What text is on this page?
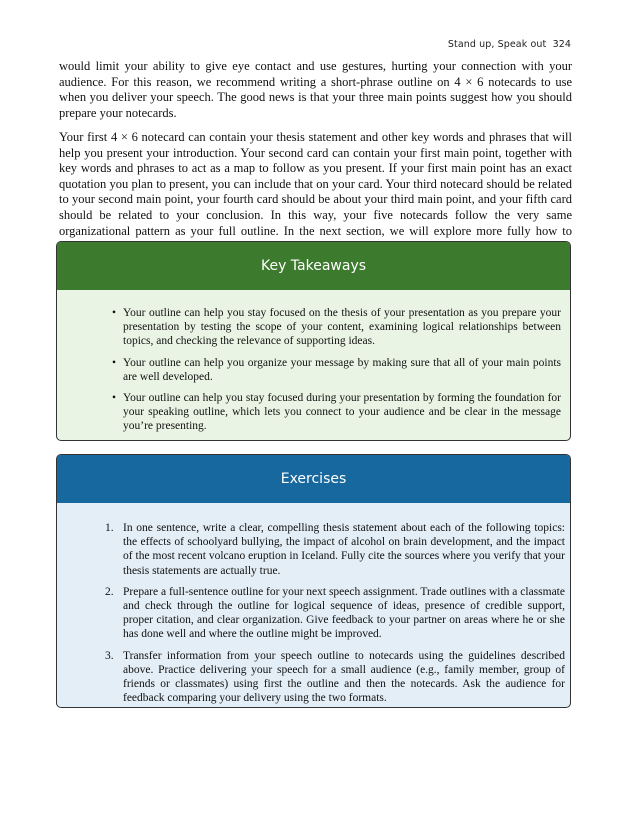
Stand up, Speak out 324

would limit your ability to give eye contact and use gestures, hurting your connection with your audience. For this reason, we recommend writing a short-phrase outline on 4 × 6 notecards to use when you deliver your speech. The good news is that your three main points suggest how you should prepare your notecards.

Your first 4 × 6 notecard can contain your thesis statement and other key words and phrases that will help you present your introduction. Your second card can contain your first main point, together with key words and phrases to act as a map to follow as you present. If your first main point has an exact quotation you plan to present, you can include that on your card. Your third notecard should be related to your second main point, your fourth card should be about your third main point, and your fifth card should be related to your conclusion. In this way, your five notecards follow the very same organizational pattern as your full outline. In the next section, we will explore more fully how to

Key Takeaways
• Your outline can help you stay focused on the thesis of your presentation as you prepare your presentation by testing the scope of your content, examining logical relationships between topics, and checking the relevance of supporting ideas.
• Your outline can help you organize your message by making sure that all of your main points are well developed.
• Your outline can help you stay focused during your presentation by forming the foundation for your speaking outline, which lets you connect to your audience and be clear in the message you’re presenting.
Exercises
1. In one sentence, write a clear, compelling thesis statement about each of the following topics: the effects of schoolyard bullying, the impact of alcohol on brain development, and the impact of the most recent volcano eruption in Iceland. Fully cite the sources where you verify that your thesis statements are actually true.
2. Prepare a full-sentence outline for your next speech assignment. Trade outlines with a classmate and check through the outline for logical sequence of ideas, presence of credible support, proper citation, and clear organization. Give feedback to your partner on areas where he or she has done well and where the outline might be improved.
3. Transfer information from your speech outline to notecards using the guidelines described above. Practice delivering your speech for a small audience (e.g., family member, group of friends or classmates) using first the outline and then the notecards. Ask the audience for feedback comparing your delivery using the two formats.
